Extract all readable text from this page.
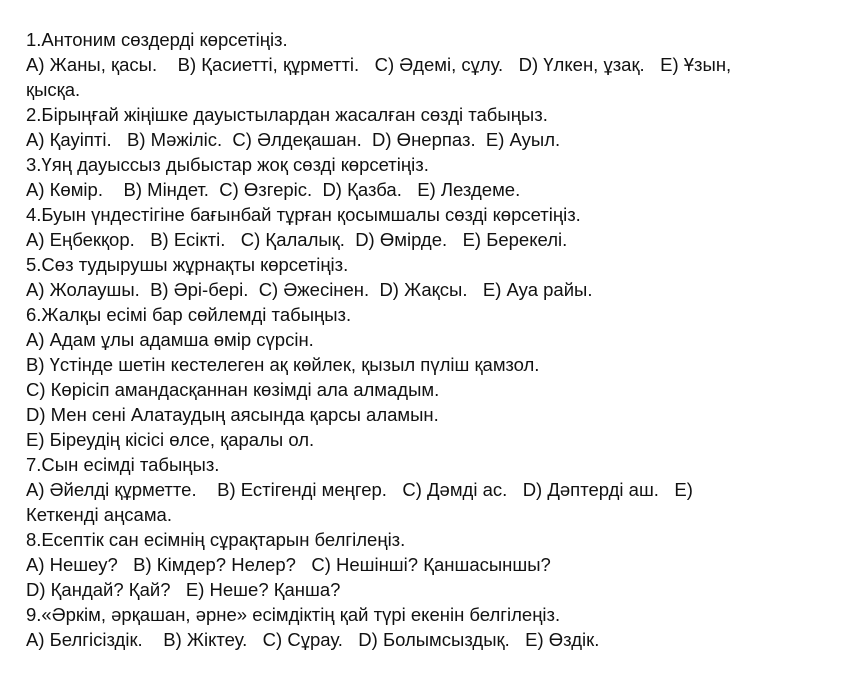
1.Антоним сөздерді көрсетіңіз.
А) Жаны, қасы.    В) Қасиетті, құрметті.   С) Әдемі, сұлу.   D) Үлкен, ұзақ.   Е) Ұзын,
қысқа.
2.Бірыңғай жіңішке дауыстылардан жасалған сөзді табыңыз.
А) Қауіпті.   В) Мәжіліс.  С) Әлдеқашан.  D) Өнерпаз.  Е) Ауыл.
3.Үяң дауыссыз дыбыстар жоқ сөзді көрсетіңіз.
А) Көмір.    В) Міндет.  С) Өзгеріс.  D) Қазба.   Е) Лездеме.
4.Буын үндестігіне бағынбай тұрған қосымшалы сөзді көрсетіңіз.
А) Еңбекқор.   В) Есікті.   С) Қалалық.  D) Өмірде.   Е) Берекелі.
5.Сөз тудырушы жұрнақты көрсетіңіз.
А) Жолаушы.  В) Әрі-бері.  С) Әжесінен.  D) Жақсы.   Е) Ауа райы.
6.Жалқы есімі бар сөйлемді табыңыз.
А) Адам ұлы адамша өмір сүрсін.
В) Үстінде шетін кестелеген ақ көйлек, қызыл пүліш қамзол.
С) Көрісіп амандасқаннан көзімді ала алмадым.
D) Мен сені Алатаудың аясында қарсы аламын.
Е) Біреудің кісісі өлсе, қаралы ол.
7.Сын есімді табыңыз.
А) Әйелді құрметте.    В) Естігенді меңгер.   С) Дәмді ас.   D) Дәптерді аш.   Е)
Кеткенді аңсама.
8.Есептік сан есімнің сұрақтарын белгілеңіз.
А) Нешеу?   В) Кімдер? Нелер?   С) Нешінші? Қаншасыншы?
D) Қандай? Қай?   Е) Неше? Қанша?
9.«Әркім, әрқашан, әрне» есімдіктің қай түрі екенін белгілеңіз.
А) Белгісіздік.    В) Жіктеу.   С) Сұрау.   D) Болымсыздық.   Е) Өздік.
